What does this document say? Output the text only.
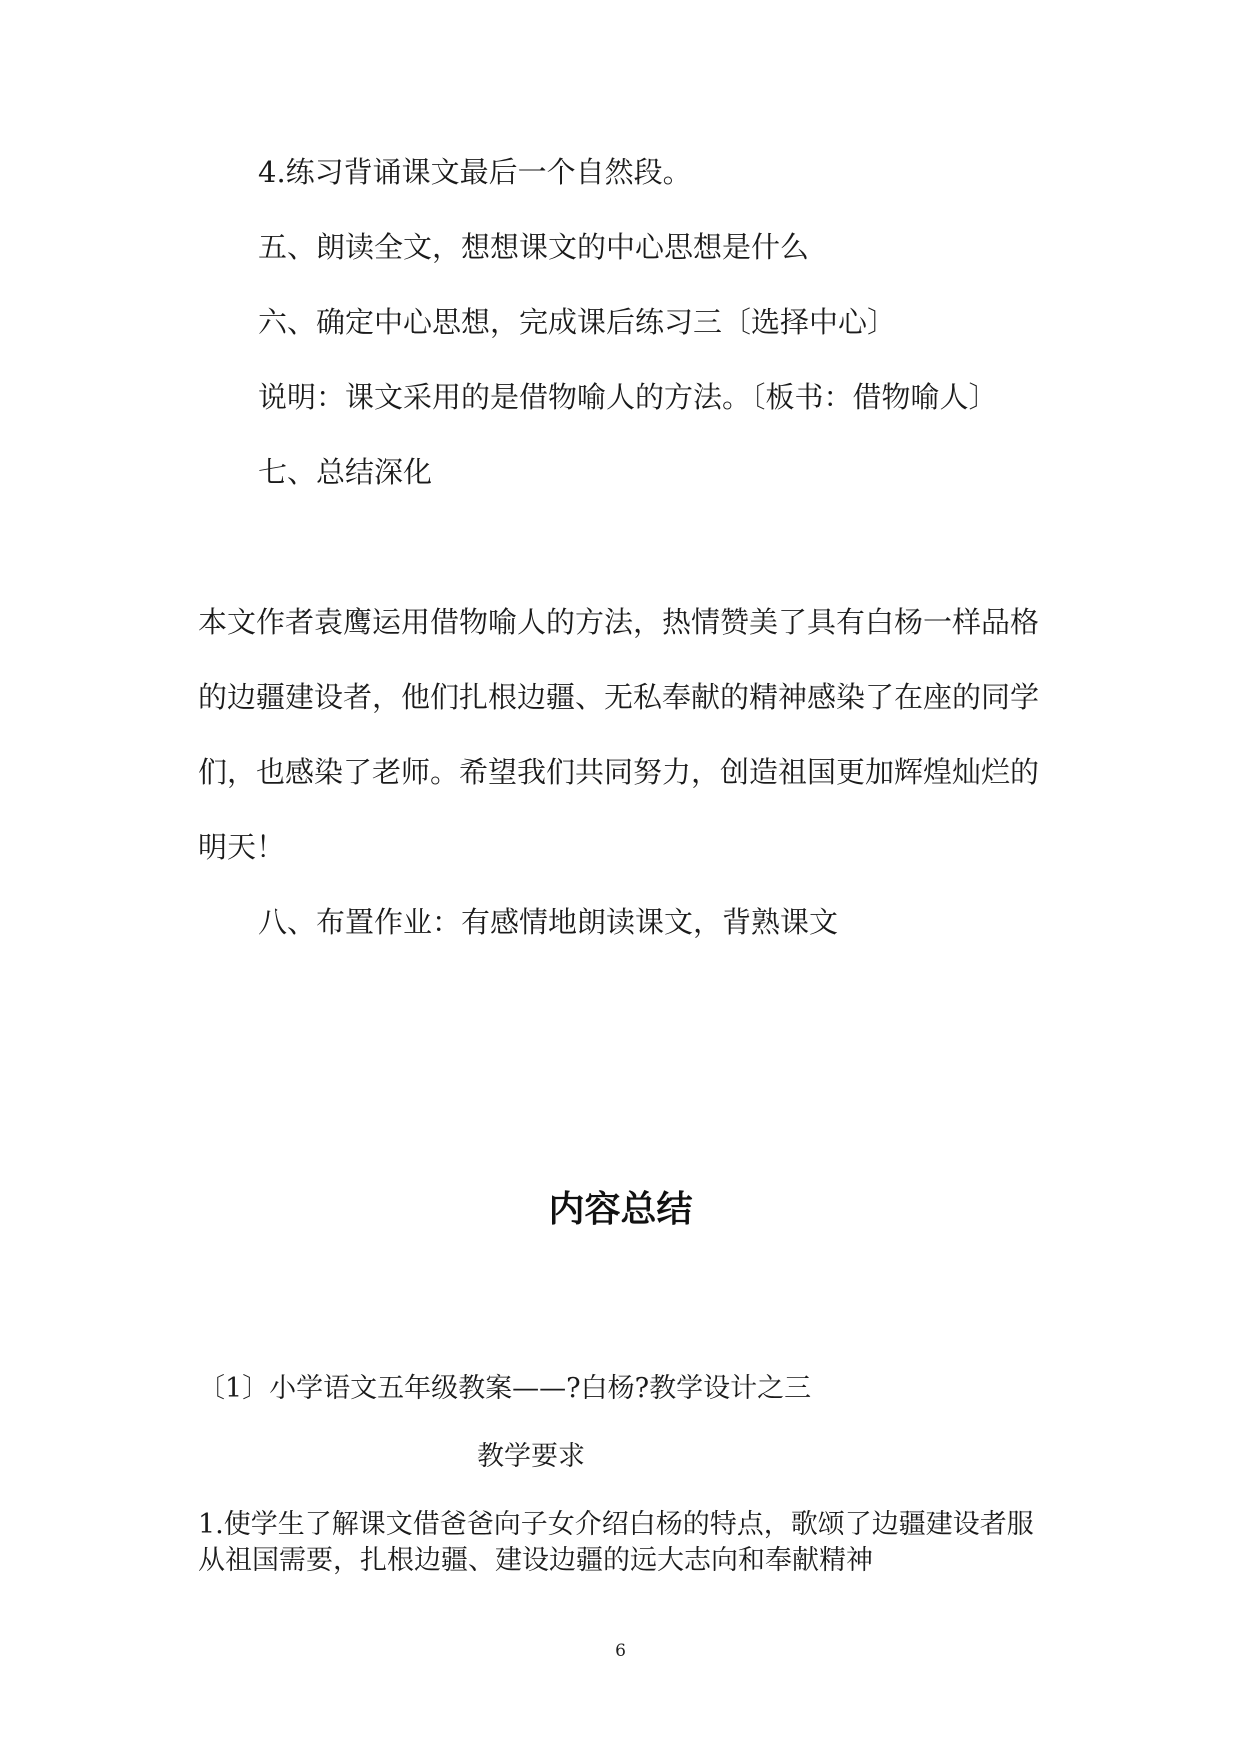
4.练习背诵课文最后一个自然段。
五、朗读全文，想想课文的中心思想是什么
六、确定中心思想，完成课后练习三〔选择中心〕
说明：课文采用的是借物喻人的方法。〔板书：借物喻人〕
七、总结深化
本文作者袁鹰运用借物喻人的方法，热情赞美了具有白杨一样品格
的边疆建设者，他们扎根边疆、无私奉献的精神感染了在座的同学
们，也感染了老师。希望我们共同努力，创造祖国更加辉煌灿烂的
明天！
八、布置作业：有感情地朗读课文，背熟课文
内容总结
〔1〕小学语文五年级教案——?白杨?教学设计之三
教学要求
1.使学生了解课文借爸爸向子女介绍白杨的特点，歌颂了边疆建设者服
从祖国需要，扎根边疆、建设边疆的远大志向和奉献精神
6
